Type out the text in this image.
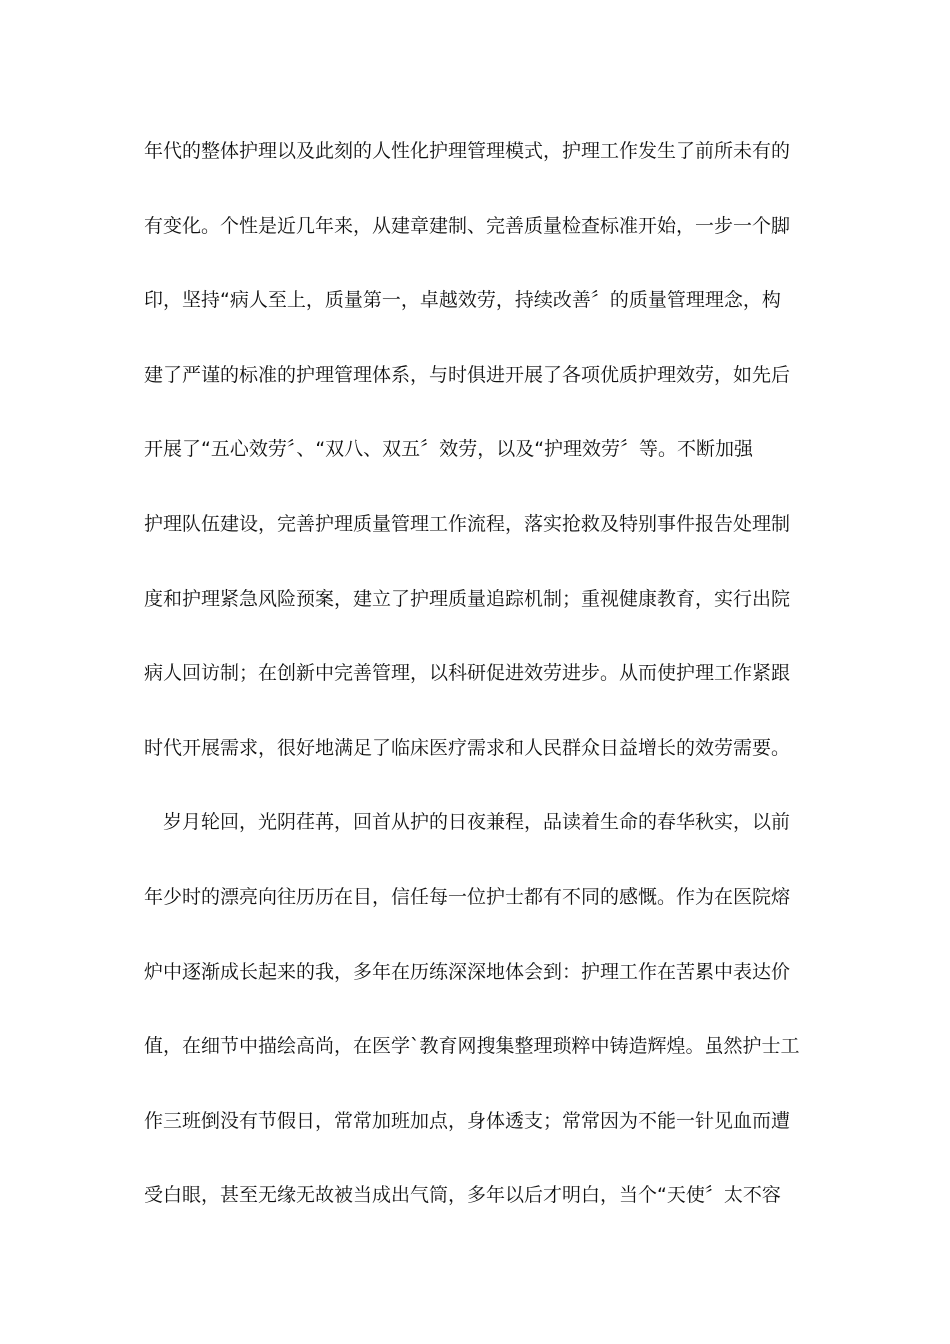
年代的整体护理以及此刻的人性化护理管理模式，护理工作发生了前所未有的
有变化。个性是近几年来，从建章建制、完善质量检查标准开始，一步一个脚
印，坚持“病人至上，质量第一，卓越效劳，持续改善〞的质量管理理念，构
建了严谨的标准的护理管理体系，与时俱进开展了各项优质护理效劳，如先后
开展了“五心效劳〞、“双八、双五〞效劳，以及“护理效劳〞等。不断加强
护理队伍建设，完善护理质量管理工作流程，落实抢救及特别事件报告处理制
度和护理紧急风险预案，建立了护理质量追踪机制；重视健康教育，实行出院
病人回访制；在创新中完善管理，以科研促进效劳进步。从而使护理工作紧跟
时代开展需求，很好地满足了临床医疗需求和人民群众日益增长的效劳需要。
　岁月轮回，光阴荏苒，回首从护的日夜兼程，品读着生命的春华秋实，以前
年少时的漂亮向往历历在目，信任每一位护士都有不同的感慨。作为在医院熔
炉中逐渐成长起来的我，多年在历练深深地体会到：护理工作在苦累中表达价
值，在细节中描绘高尚，在医学`教育网搜集整理琐粹中铸造辉煌。虽然护士工
作三班倒没有节假日，常常加班加点，身体透支；常常因为不能一针见血而遭
受白眼，甚至无缘无故被当成出气筒，多年以后才明白，当个“天使〞太不容
